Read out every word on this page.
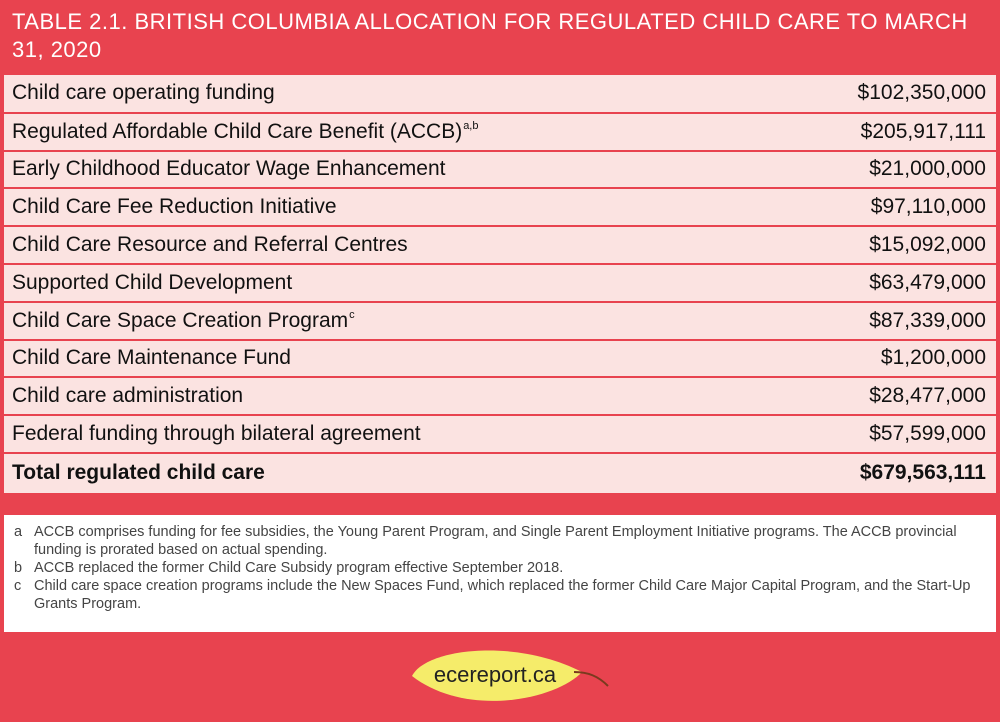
TABLE 2.1. BRITISH COLUMBIA ALLOCATION FOR REGULATED CHILD CARE TO MARCH 31, 2020
Child care operating funding	$102,350,000
Regulated Affordable Child Care Benefit (ACCB)$^{a,b}$	$205,917,111
Early Childhood Educator Wage Enhancement	$21,000,000
Child Care Fee Reduction Initiative	$97,110,000
Child Care Resource and Referral Centres	$15,092,000
Supported Child Development	$63,479,000
Child Care Space Creation Program$^c$	$87,339,000
Child Care Maintenance Fund	$1,200,000
Child care administration	$28,477,000
Federal funding through bilateral agreement	$57,599,000
Total regulated child care	$679,563,111
a ACCB comprises funding for fee subsidies, the Young Parent Program, and Single Parent Employment Initiative programs. The ACCB provincial funding is prorated based on actual spending.
b ACCB replaced the former Child Care Subsidy program effective September 2018.
c Child care space creation programs include the New Spaces Fund, which replaced the former Child Care Major Capital Program, and the Start-Up Grants Program.
ecereport.ca
